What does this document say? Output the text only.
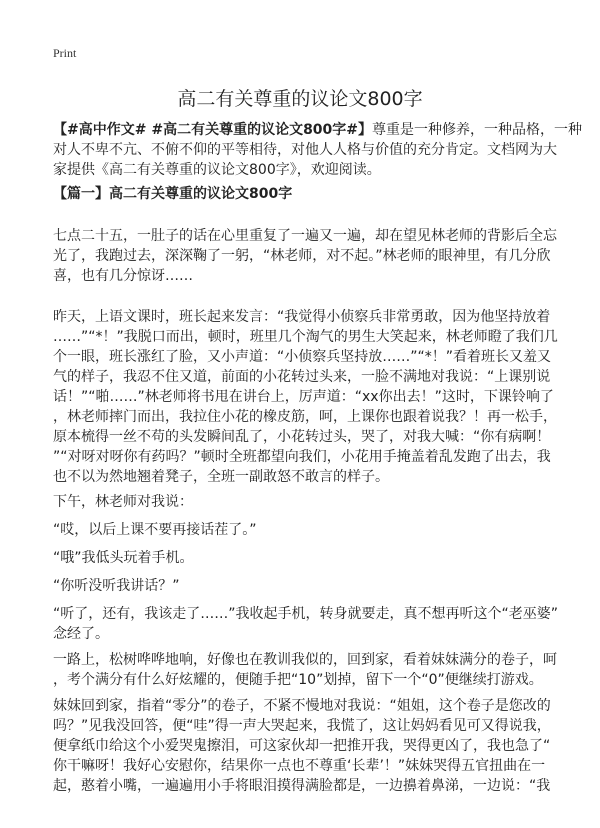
Print
高二有关尊重的议论文800字
【#高中作文# #高二有关尊重的议论文800字#】尊重是一种修养，一种品格，一种
对人不卑不亢、不俯不仰的平等相待，对他人人格与价值的充分肯定。文档网为大
家提供《高二有关尊重的议论文800字》，欢迎阅读。
【篇一】高二有关尊重的议论文800字
七点二十五，一肚子的话在心里重复了一遍又一遍，却在望见林老师的背影后全忘
光了，我跑过去，深深鞠了一躬，“林老师，对不起。”林老师的眼神里，有几分欣
喜，也有几分惊讶……
昨天，上语文课时，班长起来发言：“我觉得小侦察兵非常勇敢，因为他坚持放着
……”“*！”我脱口而出，顿时，班里几个淘气的男生大笑起来，林老师瞪了我们几
个一眼，班长涨红了脸，又小声道：“小侦察兵坚持放……”“*！”看着班长又羞又
气的样子，我忍不住又道，前面的小花转过头来，一脸不满地对我说：“上课别说
话！”“啪……”林老师将书甩在讲台上，厉声道：“xx你出去！”这时，下课铃响了
，林老师摔门而出，我拉住小花的橡皮筋，呵，上课你也跟着说我？！再一松手，
原本梳得一丝不苟的头发瞬间乱了，小花转过头，哭了，对我大喊：“你有病啊！
”“对呀对呀你有药吗？”顿时全班都望向我们，小花用手掩盖着乱发跑了出去，我
也不以为然地翘着凳子，全班一副敢怒不敢言的样子。
下午，林老师对我说：
“哎，以后上课不要再接话茬了。”
“哦”我低头玩着手机。
“你听没听我讲话？”
“听了，还有，我该走了……”我收起手机，转身就要走，真不想再听这个“老巫婆”
念经了。
一路上，松树哗哗地响，好像也在教训我似的，回到家，看着妹妹满分的卷子，呵
，考个满分有什么好炫耀的，便随手把“10”划掉，留下一个“0”便继续打游戏。
妹妹回到家，指着“零分”的卷子，不紧不慢地对我说：“姐姐，这个卷子是您改的
吗？”见我没回答，便“哇”得一声大哭起来，我慌了，这让妈妈看见可又得说我，
便拿纸巾给这个小爱哭鬼擦泪，可这家伙却一把推开我，哭得更凶了，我也急了“
你干嘛呀！我好心安慰你，结果你一点也不尊重‘长辈’！”妹妹哭得五官扭曲在一
起，憨着小嘴，一遍遍用小手将眼泪摸得满脸都是，一边擤着鼻涕，一边说：“我
